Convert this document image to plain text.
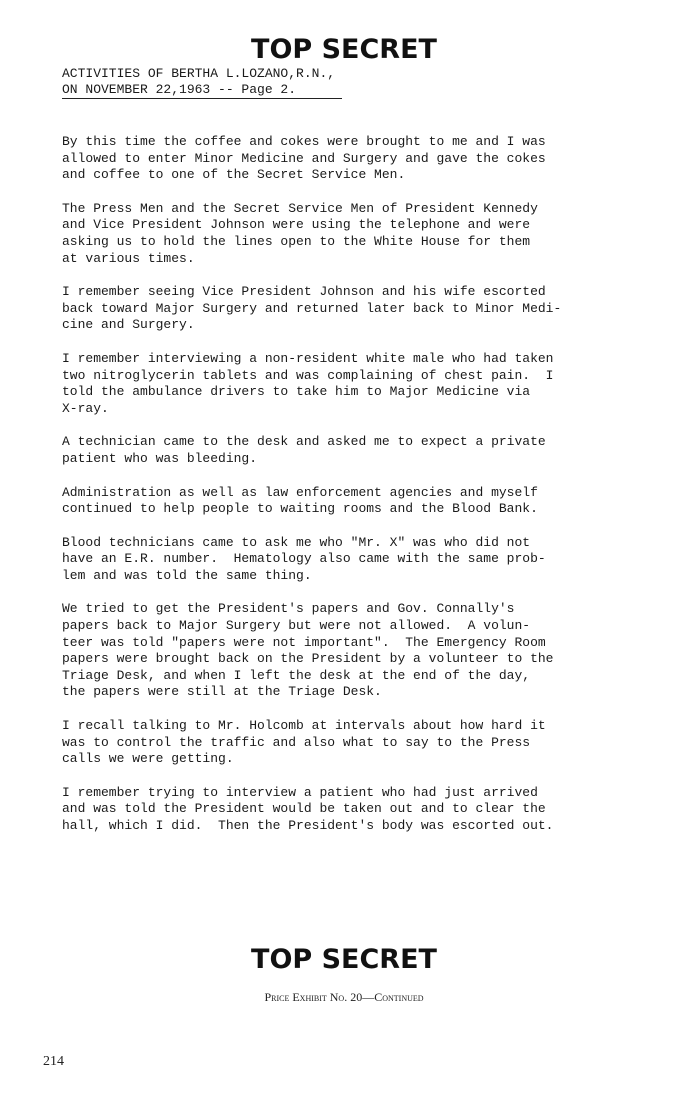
TOP SECRET
ACTIVITIES OF BERTHA L.LOZANO,R.N.,
ON NOVEMBER 22,1963 -- Page 2.
By this time the coffee and cokes were brought to me and I was
allowed to enter Minor Medicine and Surgery and gave the cokes
and coffee to one of the Secret Service Men.
The Press Men and the Secret Service Men of President Kennedy
and Vice President Johnson were using the telephone and were
asking us to hold the lines open to the White House for them
at various times.
I remember seeing Vice President Johnson and his wife escorted
back toward Major Surgery and returned later back to Minor Medi-
cine and Surgery.
I remember interviewing a non-resident white male who had taken
two nitroglycerin tablets and was complaining of chest pain.  I
told the ambulance drivers to take him to Major Medicine via
X-ray.
A technician came to the desk and asked me to expect a private
patient who was bleeding.
Administration as well as law enforcement agencies and myself
continued to help people to waiting rooms and the Blood Bank.
Blood technicians came to ask me who "Mr. X" was who did not
have an E.R. number.  Hematology also came with the same prob-
lem and was told the same thing.
We tried to get the President's papers and Gov. Connally's
papers back to Major Surgery but were not allowed.  A volun-
teer was told "papers were not important".  The Emergency Room
papers were brought back on the President by a volunteer to the
Triage Desk, and when I left the desk at the end of the day,
the papers were still at the Triage Desk.
I recall talking to Mr. Holcomb at intervals about how hard it
was to control the traffic and also what to say to the Press
calls we were getting.
I remember trying to interview a patient who had just arrived
and was told the President would be taken out and to clear the
hall, which I did.  Then the President's body was escorted out.
TOP SECRET
Price Exhibit No. 20—Continued
214
